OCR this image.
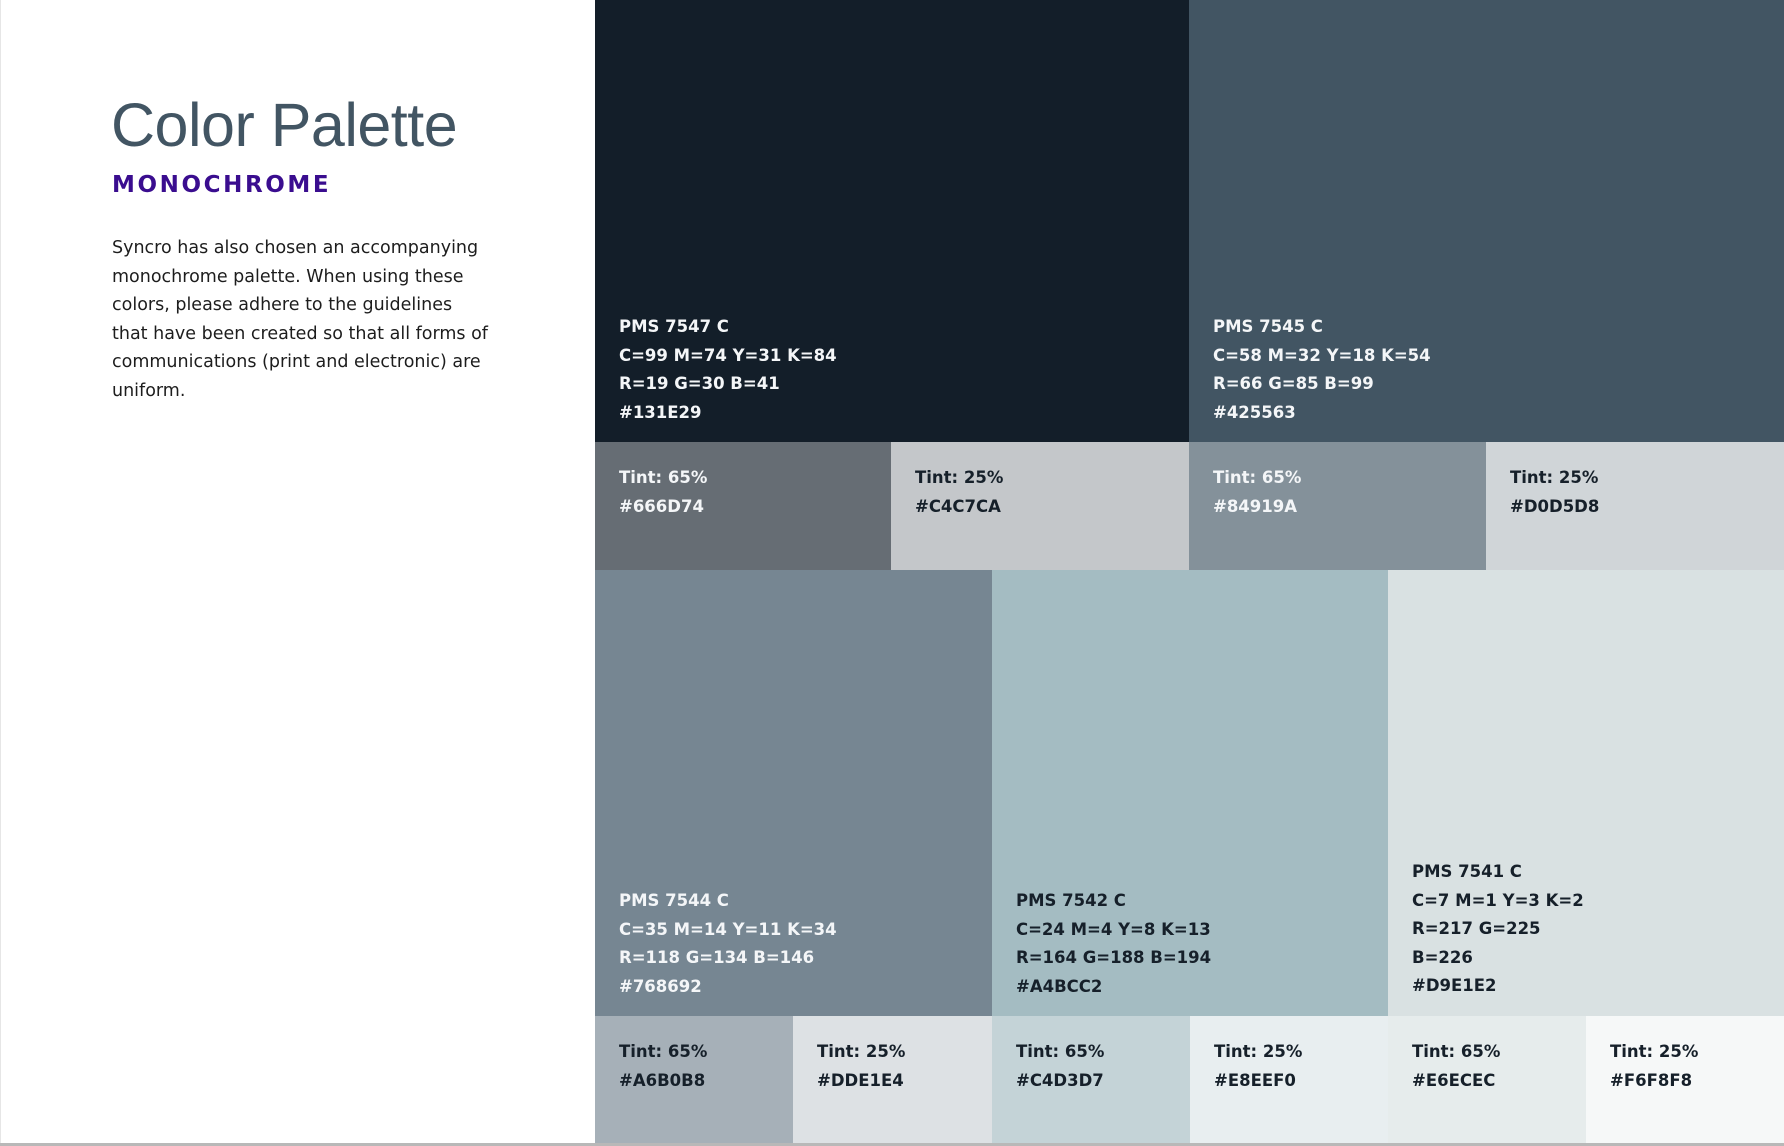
Color Palette
MONOCHROME

Syncro has also chosen an accompanying monochrome palette. When using these colors, please adhere to the guidelines that have been created so that all forms of communications (print and electronic) are uniform.

PMS 7547 C
C=99 M=74 Y=31 K=84
R=19 G=30 B=41
#131E29
PMS 7545 C
C=58 M=32 Y=18 K=54
R=66 G=85 B=99
#425563
Tint: 65%
#666D74
Tint: 25%
#C4C7CA
Tint: 65%
#84919A
Tint: 25%
#D0D5D8
PMS 7544 C
C=35 M=14 Y=11 K=34
R=118 G=134 B=146
#768692
PMS 7542 C
C=24 M=4 Y=8 K=13
R=164 G=188 B=194
#A4BCC2
PMS 7541 C
C=7 M=1 Y=3 K=2
R=217 G=225
B=226
#D9E1E2
Tint: 65%
#A6B0B8
Tint: 25%
#DDE1E4
Tint: 65%
#C4D3D7
Tint: 25%
#E8EEF0
Tint: 65%
#E6ECEC
Tint: 25%
#F6F8F8
